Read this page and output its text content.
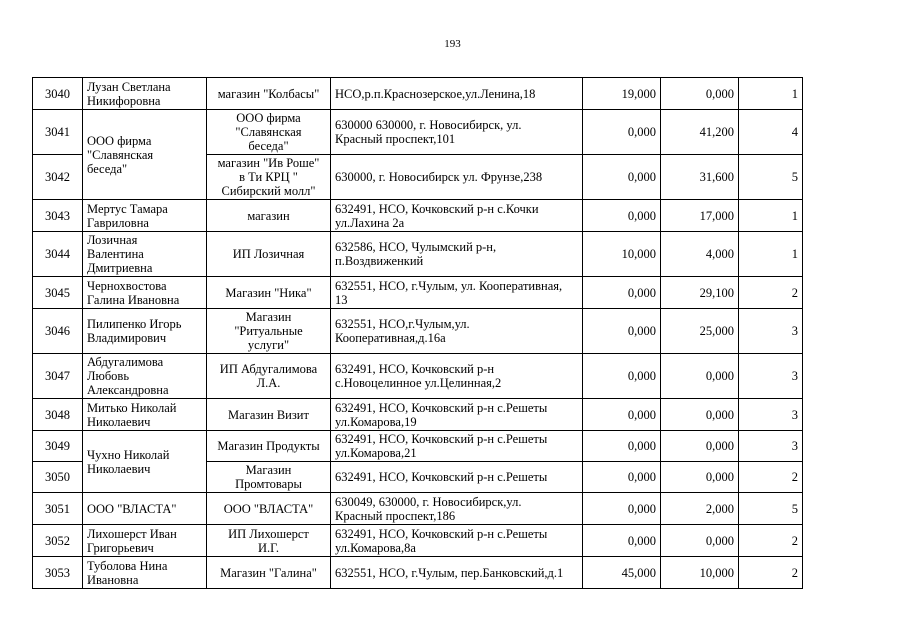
193
3040	Лузан Светлана
Никифоровна	магазин "Колбасы"	НСО,р.п.Краснозерское,ул.Ленина,18	19,000	0,000	1
3041	ООО фирма
"Славянская
беседа"	ООО фирма
"Славянская
беседа"	630000 630000, г. Новосибирск, ул.
Красный проспект,101	0,000	41,200	4
3042		магазин "Ив Роше"
в Ти КРЦ "
Сибирский молл"	630000, г. Новосибирск ул. Фрунзе,238	0,000	31,600	5
3043	Мертус Тамара
Гавриловна	магазин	632491, НСО, Кочковский р-н с.Кочки
ул.Лахина 2а	0,000	17,000	1
3044	Лозичная
Валентина
Дмитриевна	ИП Лозичная	632586, НСО, Чулымский р-н,
п.Воздвиженкий	10,000	4,000	1
3045	Чернохвостова
Галина Ивановна	Магазин "Ника"	632551, НСО, г.Чулым, ул. Кооперативная,
13	0,000	29,100	2
3046	Пилипенко Игорь
Владимирович	Магазин
"Ритуальные
услуги"	632551, НСО,г.Чулым,ул.
Кооперативная,д.16а	0,000	25,000	3
3047	Абдугалимова
Любовь
Александровна	ИП Абдугалимова
Л.А.	632491, НСО, Кочковский р-н
с.Новоцелинное ул.Целинная,2	0,000	0,000	3
3048	Митько Николай
Николаевич	Магазин Визит	632491, НСО, Кочковский р-н с.Решеты
ул.Комарова,19	0,000	0,000	3
3049	Чухно Николай
Николаевич	Магазин Продукты	632491, НСО, Кочковский р-н с.Решеты
ул.Комарова,21	0,000	0,000	3
3050		Магазин
Промтовары	632491, НСО, Кочковский р-н с.Решеты	0,000	0,000	2
3051	ООО "ВЛАСТА"	ООО "ВЛАСТА"	630049, 630000, г. Новосибирск,ул.
Красный проспект,186	0,000	2,000	5
3052	Лихошерст Иван
Григорьевич	ИП Лихошерст
И.Г.	632491, НСО, Кочковский р-н с.Решеты
ул.Комарова,8а	0,000	0,000	2
3053	Туболова Нина
Ивановна	Магазин "Галина"	632551, НСО, г.Чулым, пер.Банковский,д.1	45,000	10,000	2
